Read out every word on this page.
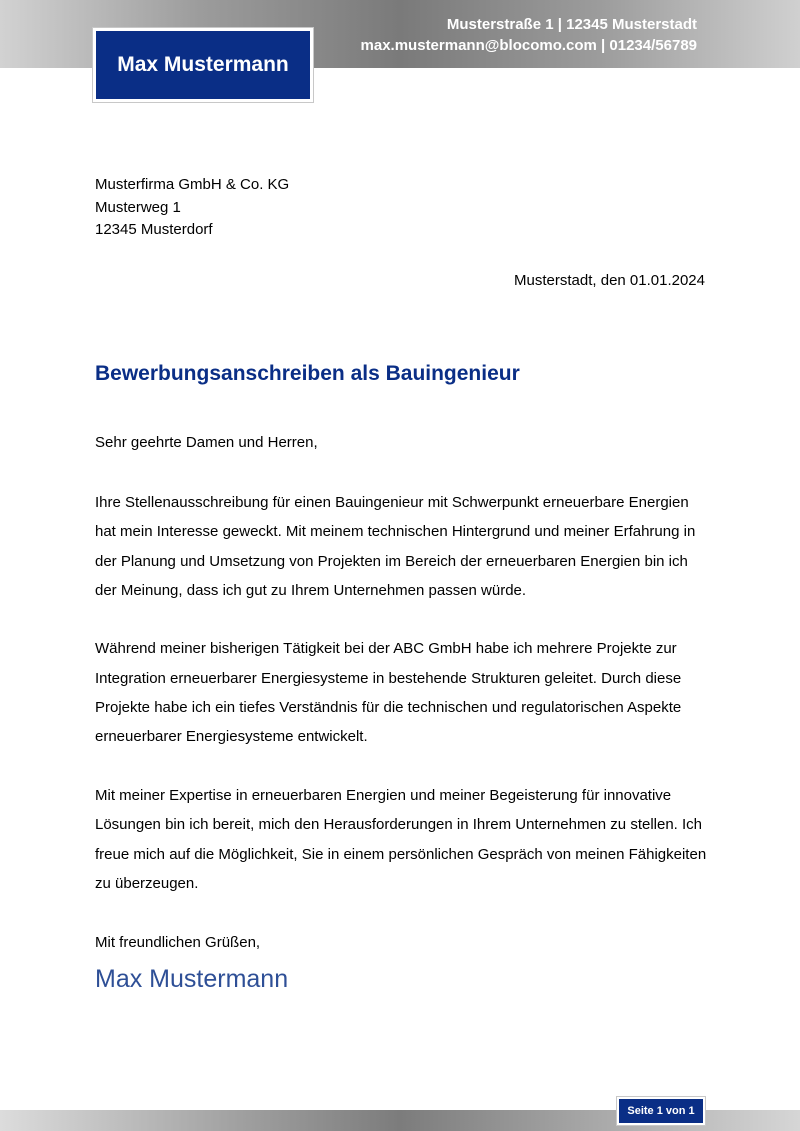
Musterstraße 1 | 12345 Musterstadt
max.mustermann@blocomo.com | 01234/56789
Max Mustermann
Musterfirma GmbH & Co. KG
Musterweg 1
12345 Musterdorf
Musterstadt, den 01.01.2024
Bewerbungsanschreiben als Bauingenieur
Sehr geehrte Damen und Herren,

Ihre Stellenausschreibung für einen Bauingenieur mit Schwerpunkt erneuerbare Energien hat mein Interesse geweckt. Mit meinem technischen Hintergrund und meiner Erfahrung in der Planung und Umsetzung von Projekten im Bereich der erneuerbaren Energien bin ich der Meinung, dass ich gut zu Ihrem Unternehmen passen würde.

Während meiner bisherigen Tätigkeit bei der ABC GmbH habe ich mehrere Projekte zur Integration erneuerbarer Energiesysteme in bestehende Strukturen geleitet. Durch diese Projekte habe ich ein tiefes Verständnis für die technischen und regulatorischen Aspekte erneuerbarer Energiesysteme entwickelt.

Mit meiner Expertise in erneuerbaren Energien und meiner Begeisterung für innovative Lösungen bin ich bereit, mich den Herausforderungen in Ihrem Unternehmen zu stellen. Ich freue mich auf die Möglichkeit, Sie in einem persönlichen Gespräch von meinen Fähigkeiten zu überzeugen.

Mit freundlichen Grüßen,
Max Mustermann
Seite 1 von 1
